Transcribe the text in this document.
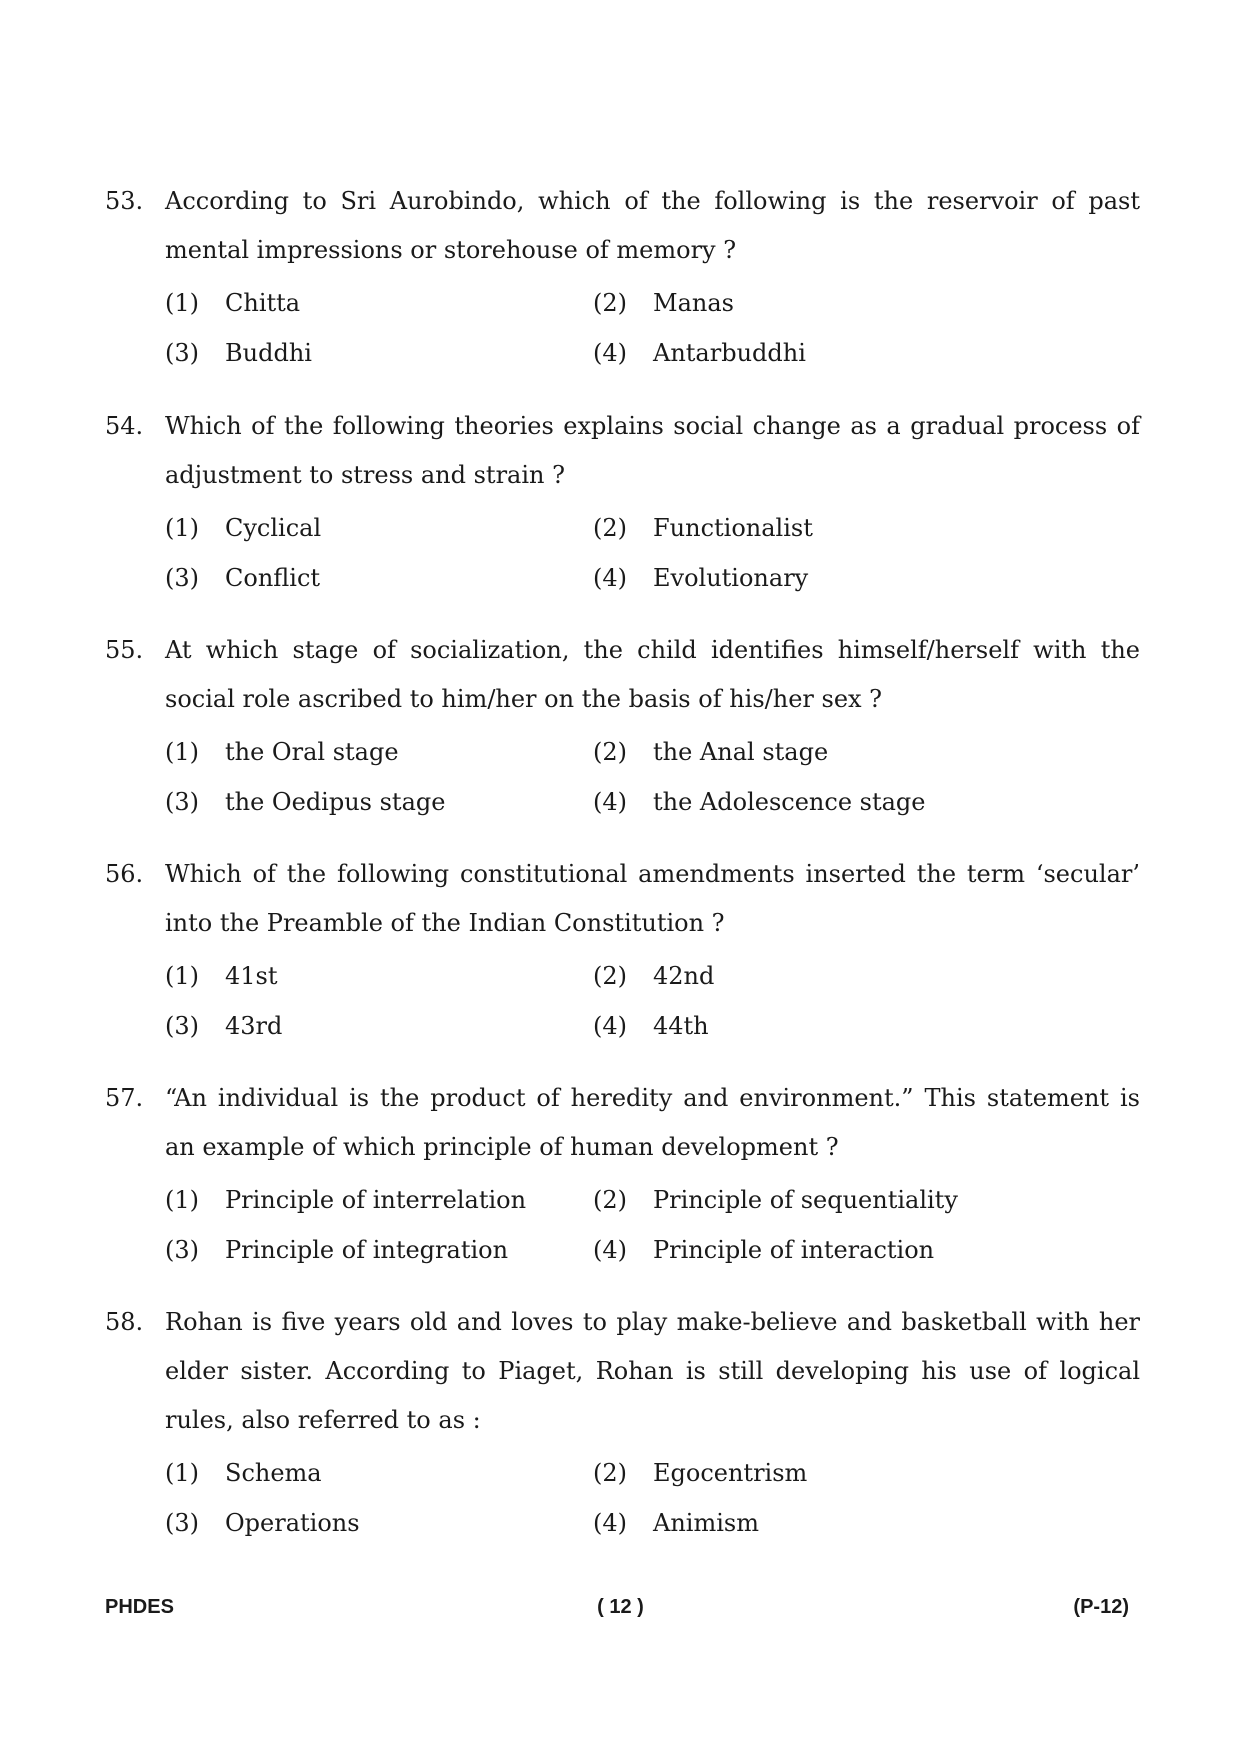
53. According to Sri Aurobindo, which of the following is the reservoir of past mental impressions or storehouse of memory ?
(1)	Chitta	(2)	Manas
(3)	Buddhi	(4)	Antarbuddhi
54. Which of the following theories explains social change as a gradual process of adjustment to stress and strain ?
(1)	Cyclical	(2)	Functionalist
(3)	Conflict	(4)	Evolutionary
55. At which stage of socialization, the child identifies himself/herself with the social role ascribed to him/her on the basis of his/her sex ?
(1)	the Oral stage	(2)	the Anal stage
(3)	the Oedipus stage	(4)	the Adolescence stage
56. Which of the following constitutional amendments inserted the term ‘secular’ into the Preamble of the Indian Constitution ?
(1)	41st	(2)	42nd
(3)	43rd	(4)	44th
57. “An individual is the product of heredity and environment.” This statement is an example of which principle of human development ?
(1)	Principle of interrelation	(2)	Principle of sequentiality
(3)	Principle of integration	(4)	Principle of interaction
58. Rohan is five years old and loves to play make-believe and basketball with her elder sister. According to Piaget, Rohan is still developing his use of logical rules, also referred to as :
(1)	Schema	(2)	Egocentrism
(3)	Operations	(4)	Animism
PHDES	( 12 )	(P-12)
